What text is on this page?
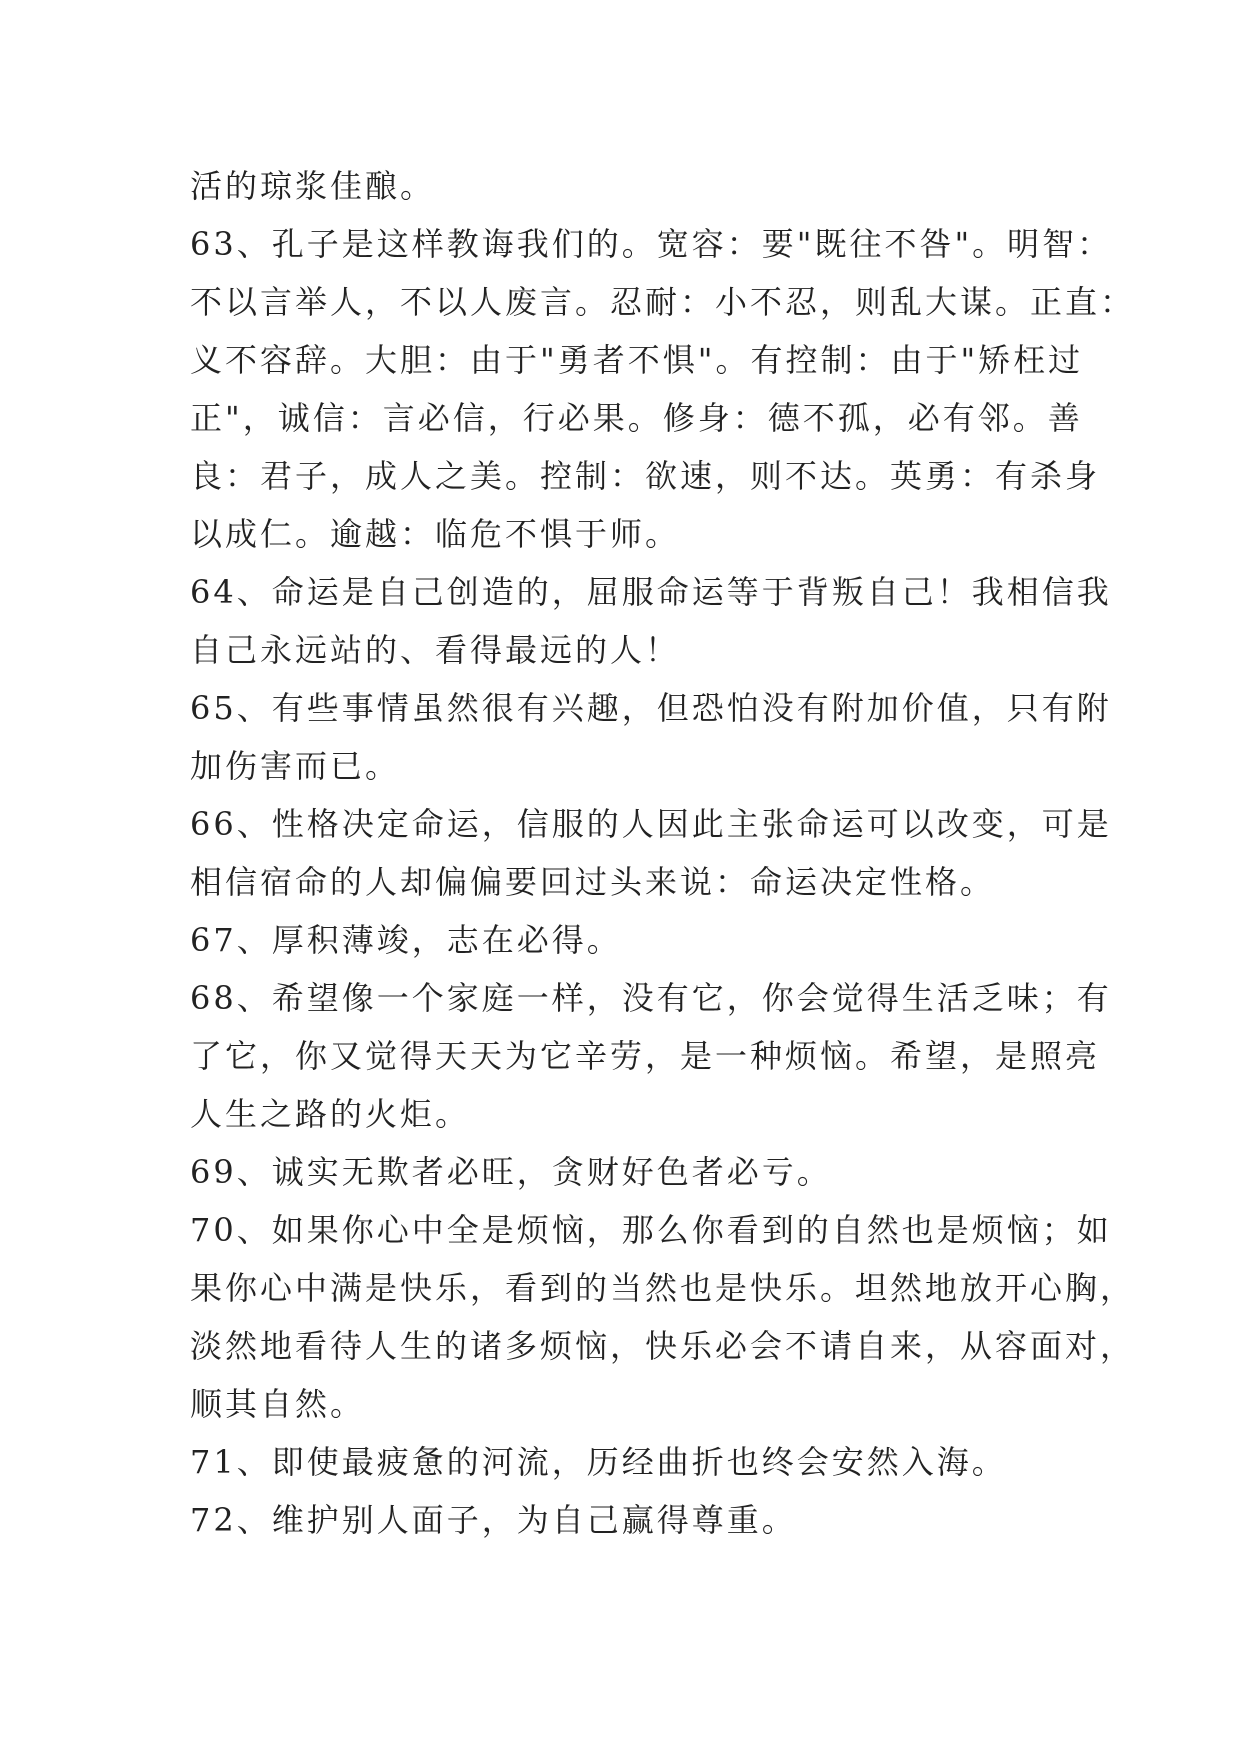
活的琼浆佳酿。
63、孔子是这样教诲我们的。宽容：要"既往不咎"。明智：
不以言举人，不以人废言。忍耐：小不忍，则乱大谋。正直：
义不容辞。大胆：由于"勇者不惧"。有控制：由于"矫枉过
正"，诚信：言必信，行必果。修身：德不孤，必有邻。善
良：君子，成人之美。控制：欲速，则不达。英勇：有杀身
以成仁。逾越：临危不惧于师。
64、命运是自己创造的，屈服命运等于背叛自己！我相信我
自己永远站的、看得最远的人！
65、有些事情虽然很有兴趣，但恐怕没有附加价值，只有附
加伤害而已。
66、性格决定命运，信服的人因此主张命运可以改变，可是
相信宿命的人却偏偏要回过头来说：命运决定性格。
67、厚积薄竣，志在必得。
68、希望像一个家庭一样，没有它，你会觉得生活乏味；有
了它，你又觉得天天为它辛劳，是一种烦恼。希望，是照亮
人生之路的火炬。
69、诚实无欺者必旺，贪财好色者必亏。
70、如果你心中全是烦恼，那么你看到的自然也是烦恼；如
果你心中满是快乐，看到的当然也是快乐。坦然地放开心胸，
淡然地看待人生的诸多烦恼，快乐必会不请自来，从容面对，
顺其自然。
71、即使最疲惫的河流，历经曲折也终会安然入海。
72、维护别人面子，为自己赢得尊重。
